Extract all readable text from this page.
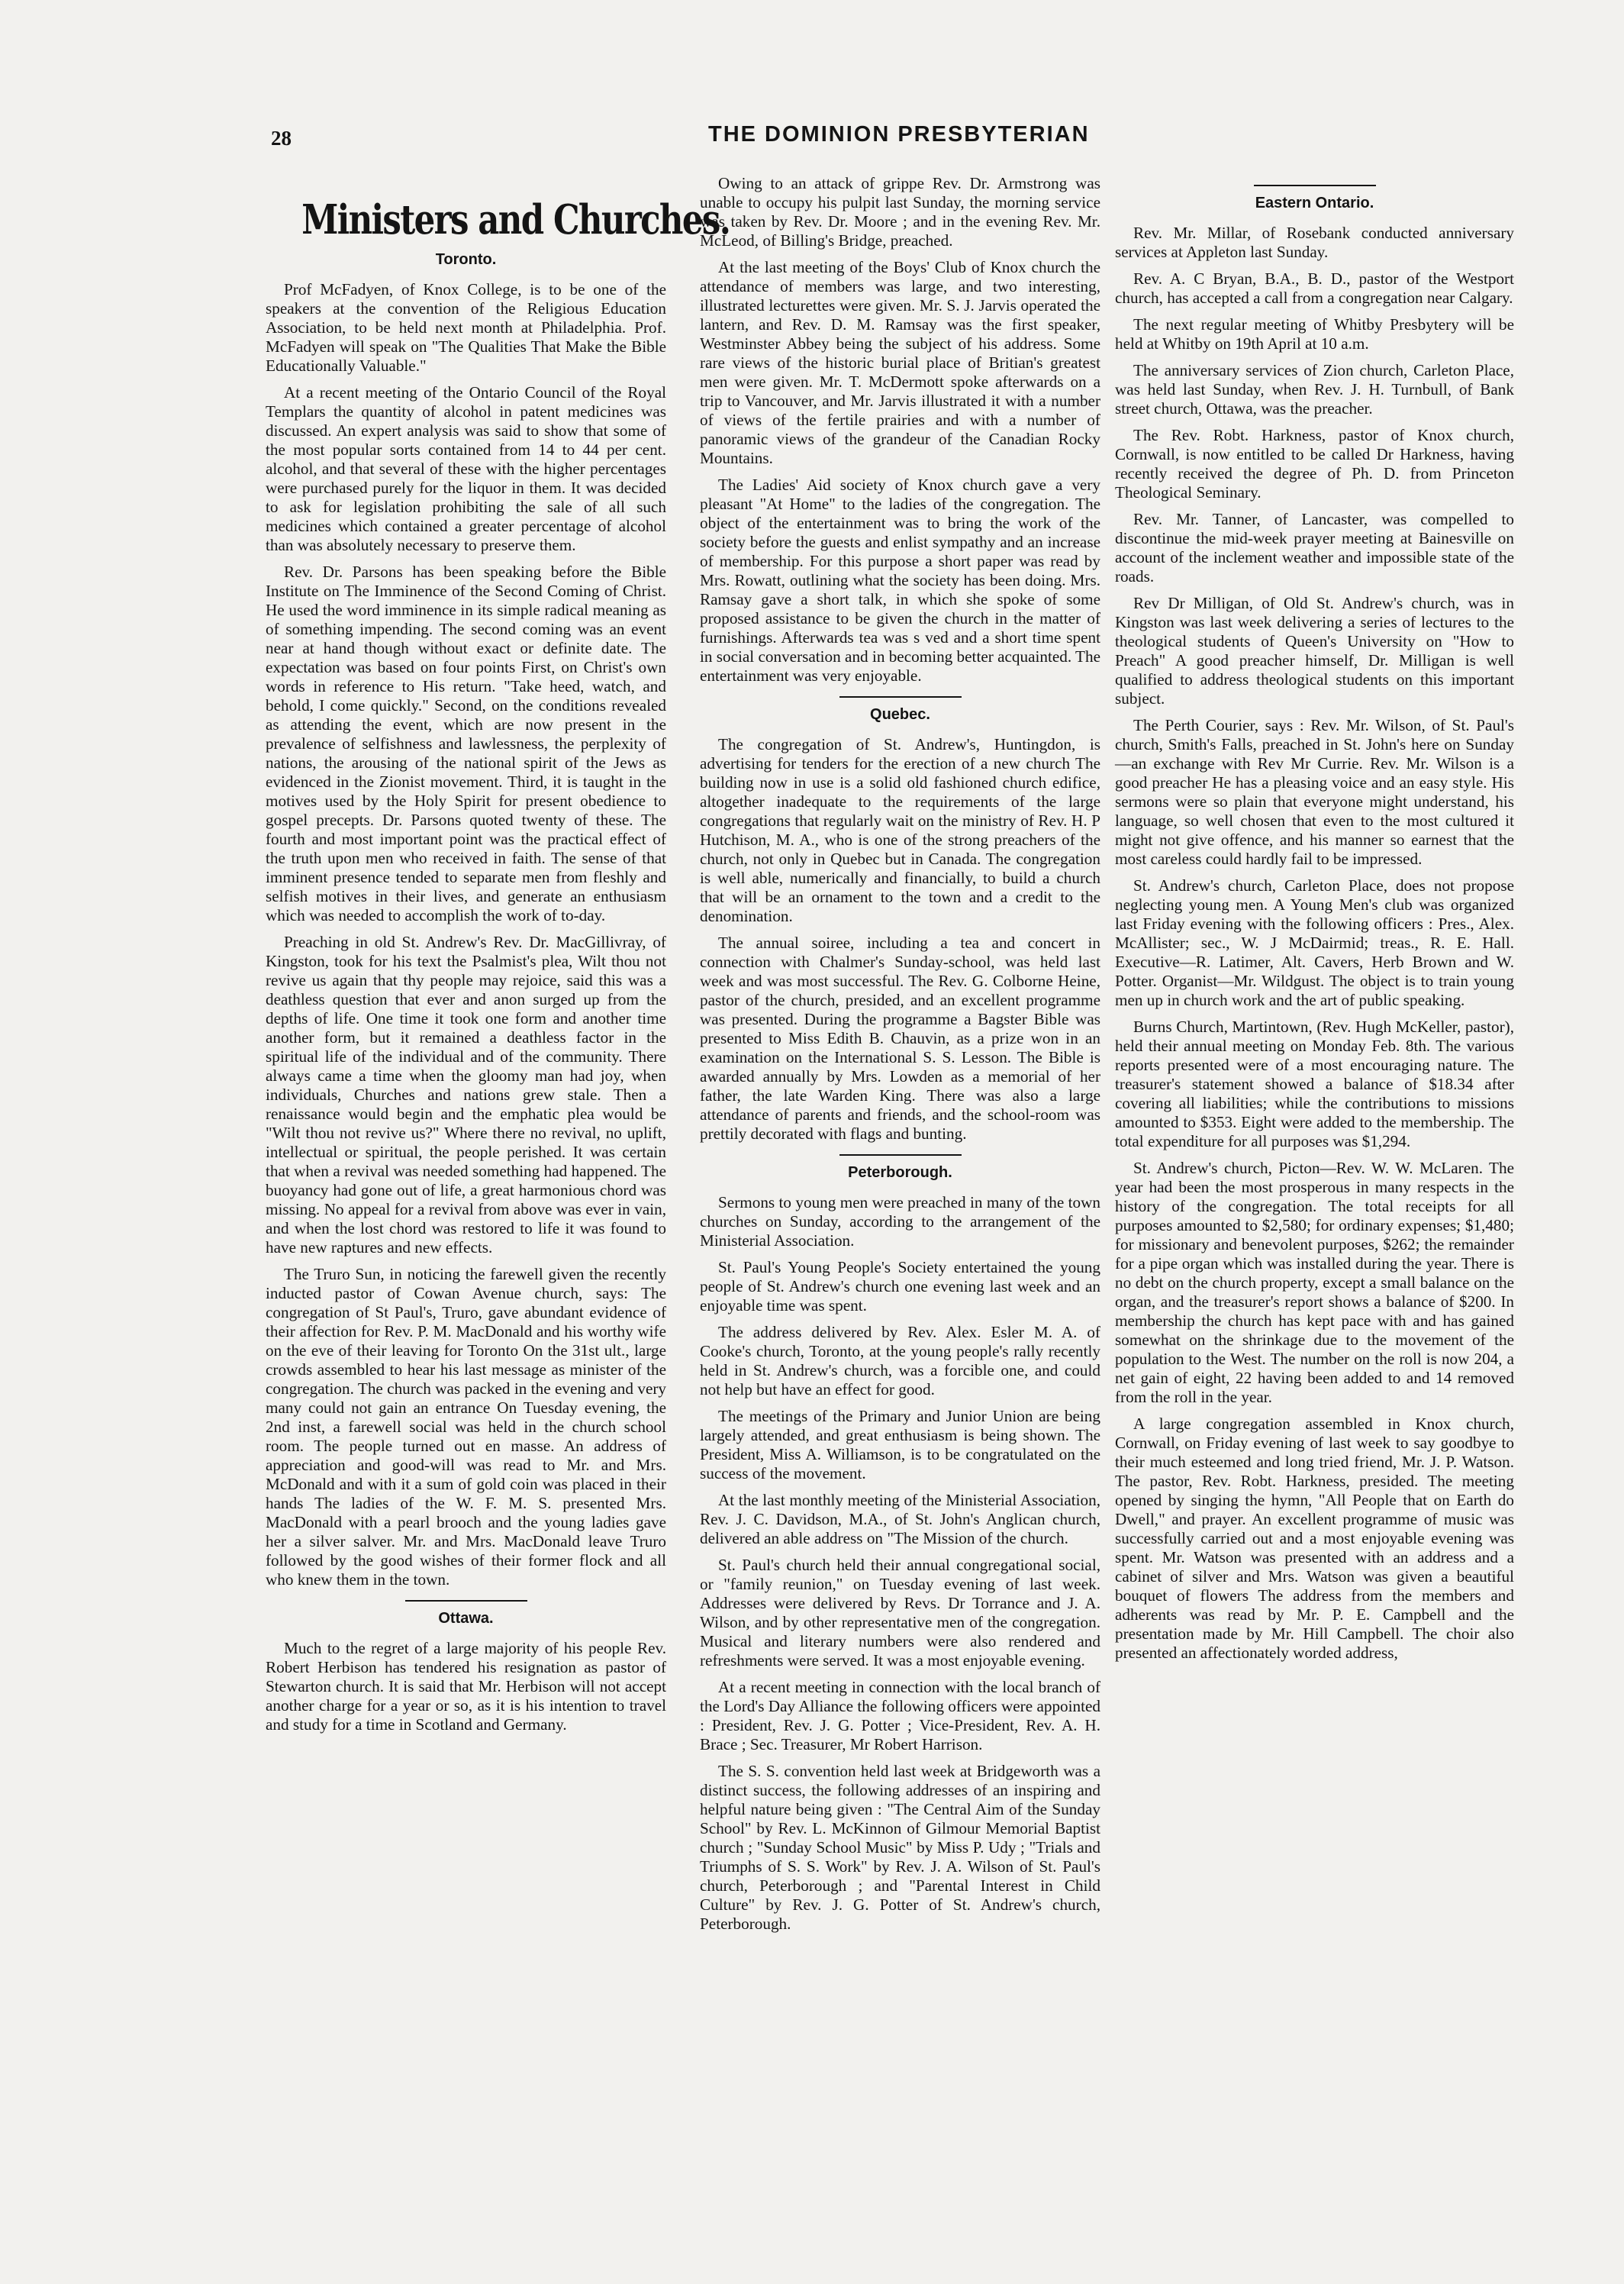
28	THE DOMINION PRESBYTERIAN
Ministers and Churches.
Toronto.

Prof McFadyen, of Knox College, is to be one of the speakers at the convention of the Religious Education Association, to be held next month at Philadelphia. Prof. McFadyen will speak on "The Qualities That Make the Bible Educationally Valuable."

At a recent meeting of the Ontario Council of the Royal Templars the quantity of alcohol in patent medicines was discussed. An expert analysis was said to show that some of the most popular sorts contained from 14 to 44 per cent. alcohol, and that several of these with the higher percentages were purchased purely for the liquor in them. It was decided to ask for legislation prohibiting the sale of all such medicines which contained a greater percentage of alcohol than was absolutely necessary to preserve them.

Rev. Dr. Parsons has been speaking before the Bible Institute on The Imminence of the Second Coming of Christ. He used the word imminence in its simple radical meaning as of something impending. The second coming was an event near at hand though without exact or definite date. The expectation was based on four points First, on Christ's own words in reference to His return. "Take heed, watch, and behold, I come quickly." Second, on the conditions revealed as attending the event, which are now present in the prevalence of selfishness and lawlessness, the perplexity of nations, the arousing of the national spirit of the Jews as evidenced in the Zionist movement. Third, it is taught in the motives used by the Holy Spirit for present obedience to gospel precepts. Dr. Parsons quoted twenty of these. The fourth and most important point was the practical effect of the truth upon men who received in faith. The sense of that imminent presence tended to separate men from fleshly and selfish motives in their lives, and generate an enthusiasm which was needed to accomplish the work of to-day.

Preaching in old St. Andrew's Rev. Dr. MacGillivray, of Kingston, took for his text the Psalmist's plea, Wilt thou not revive us again that thy people may rejoice, said this was a deathless question that ever and anon surged up from the depths of life. One time it took one form and another time another form, but it remained a deathless factor in the spiritual life of the individual and of the community. There always came a time when the gloomy man had joy, when individuals, Churches and nations grew stale. Then a renaissance would begin and the emphatic plea would be "Wilt thou not revive us?" Where there no revival, no uplift, intellectual or spiritual, the people perished. It was certain that when a revival was needed something had happened. The buoyancy had gone out of life, a great harmonious chord was missing. No appeal for a revival from above was ever in vain, and when the lost chord was restored to life it was found to have new raptures and new effects.

The Truro Sun, in noticing the farewell given the recently inducted pastor of Cowan Avenue church, says: The congregation of St Paul's, Truro, gave abundant evidence of their affection for Rev. P. M. MacDonald and his worthy wife on the eve of their leaving for Toronto On the 31st ult., large crowds assembled to hear his last message as minister of the congregation. The church was packed in the evening and very many could not gain an entrance On Tuesday evening, the 2nd inst, a farewell social was held in the church school room. The people turned out en masse. An address of appreciation and good-will was read to Mr. and Mrs. McDonald and with it a sum of gold coin was placed in their hands The ladies of the W. F. M. S. presented Mrs. MacDonald with a pearl brooch and the young ladies gave her a silver salver. Mr. and Mrs. MacDonald leave Truro followed by the good wishes of their former flock and all who knew them in the town.

Ottawa.

Much to the regret of a large majority of his people Rev. Robert Herbison has tendered his resignation as pastor of Stewarton church. It is said that Mr. Herbison will not accept another charge for a year or so, as it is his intention to travel and study for a time in Scotland and Germany.

Owing to an attack of grippe Rev. Dr. Armstrong was unable to occupy his pulpit last Sunday, the morning service was taken by Rev. Dr. Moore ; and in the evening Rev. Mr. McLeod, of Billing's Bridge, preached.

At the last meeting of the Boys' Club of Knox church the attendance of members was large, and two interesting, illustrated lecturettes were given. Mr. S. J. Jarvis operated the lantern, and Rev. D. M. Ramsay was the first speaker, Westminster Abbey being the subject of his address. Some rare views of the historic burial place of Britian's greatest men were given. Mr. T. McDermott spoke afterwards on a trip to Vancouver, and Mr. Jarvis illustrated it with a number of views of the fertile prairies and with a number of panoramic views of the grandeur of the Canadian Rocky Mountains.

The Ladies' Aid society of Knox church gave a very pleasant "At Home" to the ladies of the congregation. The object of the entertainment was to bring the work of the society before the guests and enlist sympathy and an increase of membership. For this purpose a short paper was read by Mrs. Rowatt, outlining what the society has been doing. Mrs. Ramsay gave a short talk, in which she spoke of some proposed assistance to be given the church in the matter of furnishings. Afterwards tea was s ved and a short time spent in social conversation and in becoming better acquainted. The entertainment was very enjoyable.

Quebec.

The congregation of St. Andrew's, Huntingdon, is advertising for tenders for the erection of a new church The building now in use is a solid old fashioned church edifice, altogether inadequate to the requirements of the large congregations that regularly wait on the ministry of Rev. H. P Hutchison, M. A., who is one of the strong preachers of the church, not only in Quebec but in Canada. The congregation is well able, numerically and financially, to build a church that will be an ornament to the town and a credit to the denomination.

The annual soiree, including a tea and concert in connection with Chalmer's Sunday-school, was held last week and was most successful. The Rev. G. Colborne Heine, pastor of the church, presided, and an excellent programme was presented. During the programme a Bagster Bible was presented to Miss Edith B. Chauvin, as a prize won in an examination on the International S. S. Lesson. The Bible is awarded annually by Mrs. Lowden as a memorial of her father, the late Warden King. There was also a large attendance of parents and friends, and the school-room was prettily decorated with flags and bunting.

Peterborough.

Sermons to young men were preached in many of the town churches on Sunday, according to the arrangement of the Ministerial Association.

St. Paul's Young People's Society entertained the young people of St. Andrew's church one evening last week and an enjoyable time was spent.

The address delivered by Rev. Alex. Esler M. A. of Cooke's church, Toronto, at the young people's rally recently held in St. Andrew's church, was a forcible one, and could not help but have an effect for good.

The meetings of the Primary and Junior Union are being largely attended, and great enthusiasm is being shown. The President, Miss A. Williamson, is to be congratulated on the success of the movement.

At the last monthly meeting of the Ministerial Association, Rev. J. C. Davidson, M.A., of St. John's Anglican church, delivered an able address on "The Mission of the church.

St. Paul's church held their annual congregational social, or "family reunion," on Tuesday evening of last week. Addresses were delivered by Revs. Dr Torrance and J. A. Wilson, and by other representative men of the congregation. Musical and literary numbers were also rendered and refreshments were served. It was a most enjoyable evening.

At a recent meeting in connection with the local branch of the Lord's Day Alliance the following officers were appointed : President, Rev. J. G. Potter ; Vice-President, Rev. A. H. Brace ; Sec. Treasurer, Mr Robert Harrison.

The S. S. convention held last week at Bridgeworth was a distinct success, the following addresses of an inspiring and helpful nature being given : "The Central Aim of the Sunday School" by Rev. L. McKinnon of Gilmour Memorial Baptist church ; "Sunday School Music" by Miss P. Udy ; "Trials and Triumphs of S. S. Work" by Rev. J. A. Wilson of St. Paul's church, Peterborough ; and "Parental Interest in Child Culture" by Rev. J. G. Potter of St. Andrew's church, Peterborough.

Eastern Ontario.

Rev. Mr. Millar, of Rosebank conducted anniversary services at Appleton last Sunday.

Rev. A. C Bryan, B.A., B. D., pastor of the Westport church, has accepted a call from a congregation near Calgary.

The next regular meeting of Whitby Presbytery will be held at Whitby on 19th April at 10 a.m.

The anniversary services of Zion church, Carleton Place, was held last Sunday, when Rev. J. H. Turnbull, of Bank street church, Ottawa, was the preacher.

The Rev. Robt. Harkness, pastor of Knox church, Cornwall, is now entitled to be called Dr Harkness, having recently received the degree of Ph. D. from Princeton Theological Seminary.

Rev. Mr. Tanner, of Lancaster, was compelled to discontinue the mid-week prayer meeting at Bainesville on account of the inclement weather and impossible state of the roads.

Rev Dr Milligan, of Old St. Andrew's church, was in Kingston was last week delivering a series of lectures to the theological students of Queen's University on "How to Preach" A good preacher himself, Dr. Milligan is well qualified to address theological students on this important subject.

The Perth Courier, says : Rev. Mr. Wilson, of St. Paul's church, Smith's Falls, preached in St. John's here on Sunday—an exchange with Rev Mr Currie. Rev. Mr. Wilson is a good preacher He has a pleasing voice and an easy style. His sermons were so plain that everyone might understand, his language, so well chosen that even to the most cultured it might not give offence, and his manner so earnest that the most careless could hardly fail to be impressed.

St. Andrew's church, Carleton Place, does not propose neglecting young men. A Young Men's club was organized last Friday evening with the following officers : Pres., Alex. McAllister; sec., W. J McDairmid; treas., R. E. Hall. Executive—R. Latimer, Alt. Cavers, Herb Brown and W. Potter. Organist—Mr. Wildgust. The object is to train young men up in church work and the art of public speaking.

Burns Church, Martintown, (Rev. Hugh McKeller, pastor), held their annual meeting on Monday Feb. 8th. The various reports presented were of a most encouraging nature. The treasurer's statement showed a balance of $18.34 after covering all liabilities; while the contributions to missions amounted to $353. Eight were added to the membership. The total expenditure for all purposes was $1,294.

St. Andrew's church, Picton—Rev. W. W. McLaren. The year had been the most prosperous in many respects in the history of the congregation. The total receipts for all purposes amounted to $2,580; for ordinary expenses; $1,480; for missionary and benevolent purposes, $262; the remainder for a pipe organ which was installed during the year. There is no debt on the church property, except a small balance on the organ, and the treasurer's report shows a balance of $200. In membership the church has kept pace with and has gained somewhat on the shrinkage due to the movement of the population to the West. The number on the roll is now 204, a net gain of eight, 22 having been added to and 14 removed from the roll in the year.

A large congregation assembled in Knox church, Cornwall, on Friday evening of last week to say goodbye to their much esteemed and long tried friend, Mr. J. P. Watson. The pastor, Rev. Robt. Harkness, presided. The meeting opened by singing the hymn, "All People that on Earth do Dwell," and prayer. An excellent programme of music was successfully carried out and a most enjoyable evening was spent. Mr. Watson was presented with an address and a cabinet of silver and Mrs. Watson was given a beautiful bouquet of flowers The address from the members and adherents was read by Mr. P. E. Campbell and the presentation made by Mr. Hill Campbell. The choir also presented an affectionately worded address,
